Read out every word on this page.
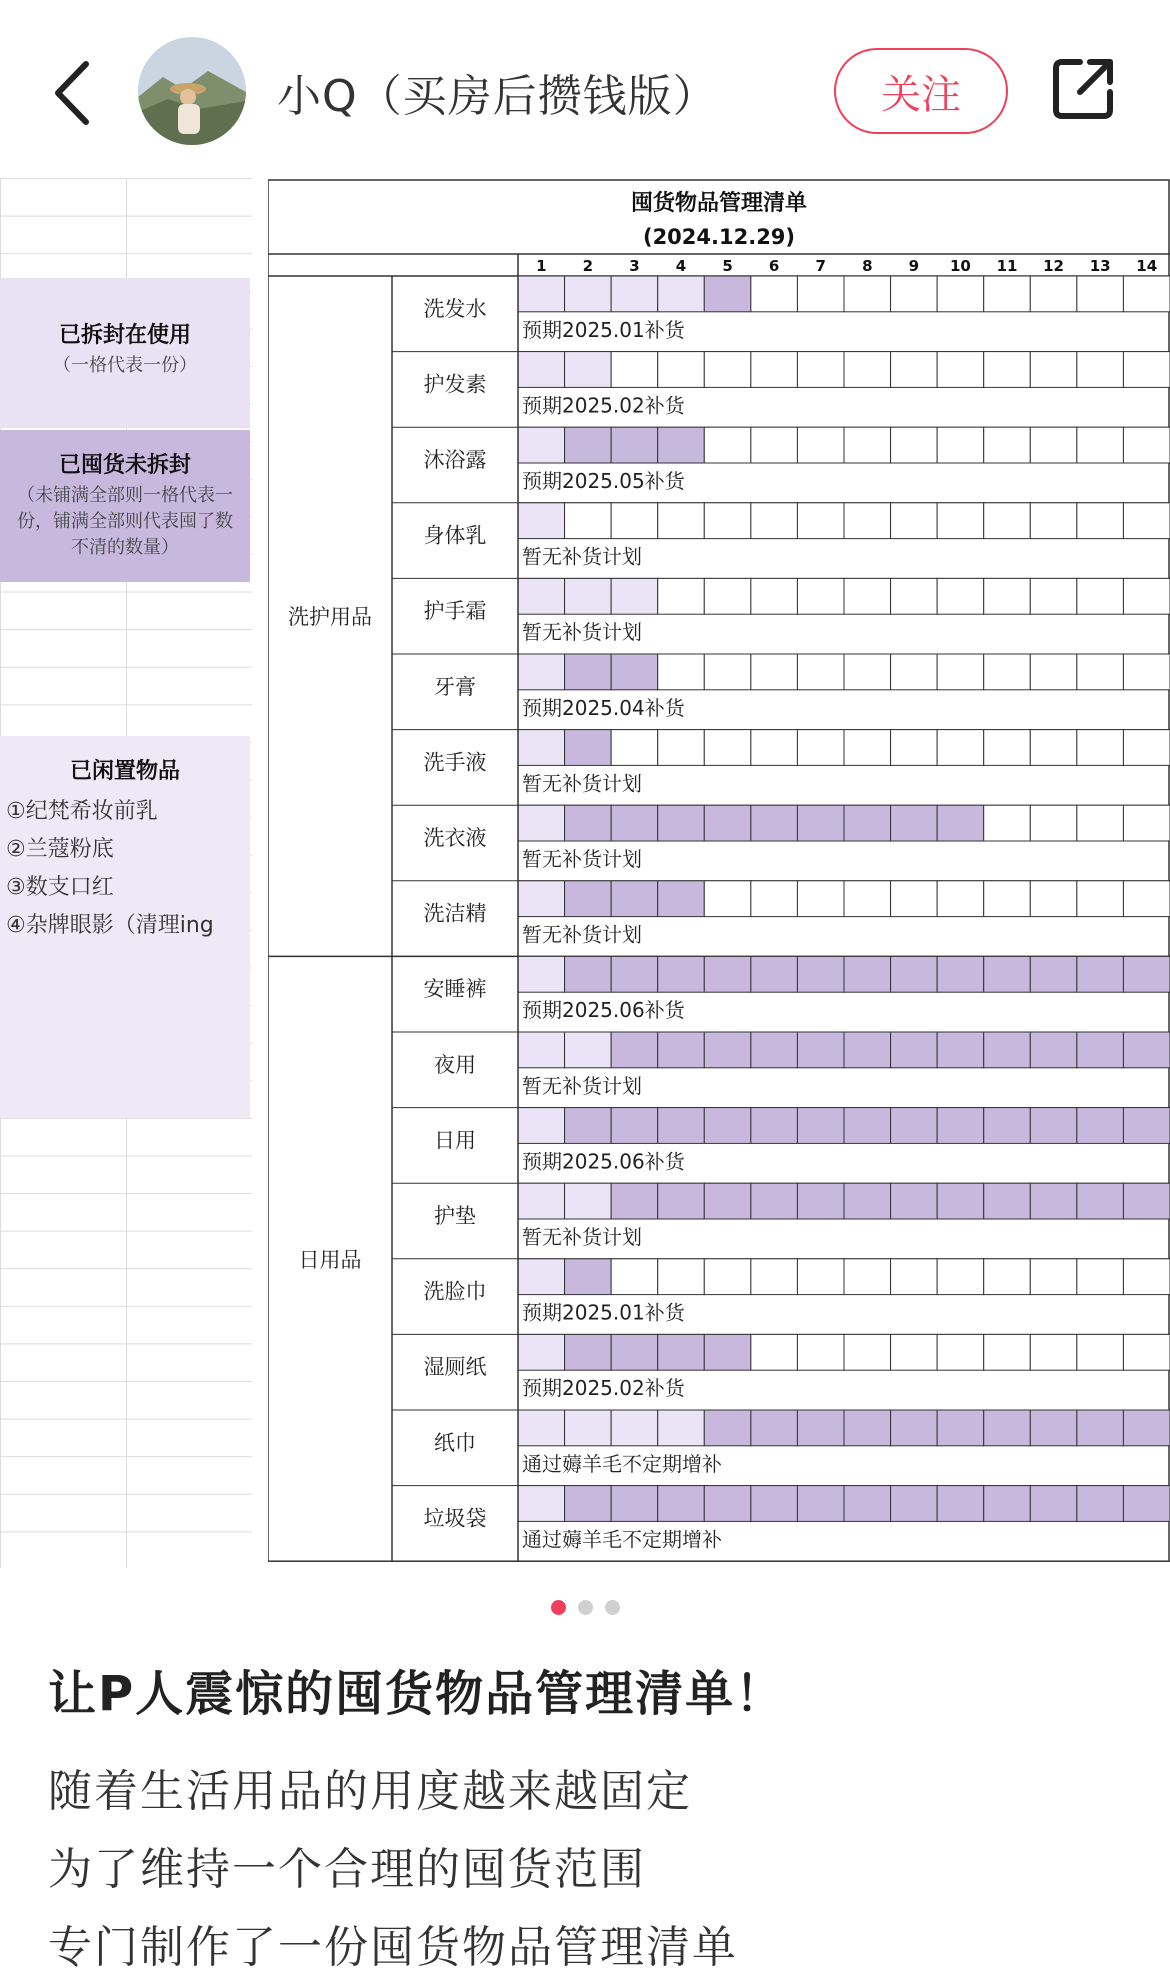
小Q（买房后攒钱版）	关注
已拆封在使用
（一格代表一份）
已囤货未拆封
（未铺满全部则一格代表一份，铺满全部则代表囤了数不清的数量）
已闲置物品
①纪梵希妆前乳
②兰蔻粉底
③数支口红
④杂牌眼影（清理ing
囤货物品管理清单
(2024.12.29)
1 2 3 4 5 6 7 8 9 10 11 12 13 14
洗护用品
洗发水
预期2025.01补货
护发素
预期2025.02补货
沐浴露
预期2025.05补货
身体乳
暂无补货计划
护手霜
暂无补货计划
牙膏
预期2025.04补货
洗手液
暂无补货计划
洗衣液
暂无补货计划
洗洁精
暂无补货计划
日用品
安睡裤
预期2025.06补货
夜用
暂无补货计划
日用
预期2025.06补货
护垫
暂无补货计划
洗脸巾
预期2025.01补货
湿厕纸
预期2025.02补货
纸巾
通过薅羊毛不定期增补
垃圾袋
通过薅羊毛不定期增补
让P人震惊的囤货物品管理清单！
随着生活用品的用度越来越固定
为了维持一个合理的囤货范围
专门制作了一份囤货物品管理清单
